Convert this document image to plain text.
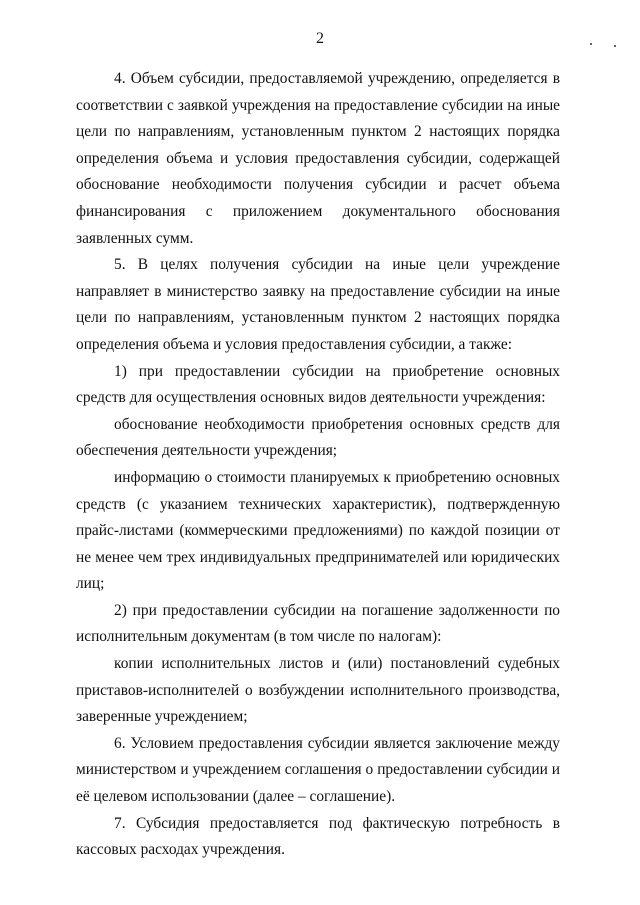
2

4. Объем субсидии, предоставляемой учреждению, определяется в соответствии с заявкой учреждения на предоставление субсидии на иные цели по направлениям, установленным пунктом 2 настоящих порядка определения объема и условия предоставления субсидии, содержащей обоснование необходимости получения субсидии и расчет объема финансирования с приложением документального обоснования заявленных сумм.

5. В целях получения субсидии на иные цели учреждение направляет в министерство заявку на предоставление субсидии на иные цели по направлениям, установленным пунктом 2 настоящих порядка определения объема и условия предоставления субсидии, а также:

1) при предоставлении субсидии на приобретение основных средств для осуществления основных видов деятельности учреждения:

обоснование необходимости приобретения основных средств для обеспечения деятельности учреждения;

информацию о стоимости планируемых к приобретению основных средств (с указанием технических характеристик), подтвержденную прайс-листами (коммерческими предложениями) по каждой позиции от не менее чем трех индивидуальных предпринимателей или юридических лиц;

2) при предоставлении субсидии на погашение задолженности по исполнительным документам (в том числе по налогам):

копии исполнительных листов и (или) постановлений судебных приставов-исполнителей о возбуждении исполнительного производства, заверенные учреждением;

6. Условием предоставления субсидии является заключение между министерством и учреждением соглашения о предоставлении субсидии и её целевом использовании (далее – соглашение).

7. Субсидия предоставляется под фактическую потребность в кассовых расходах учреждения.
